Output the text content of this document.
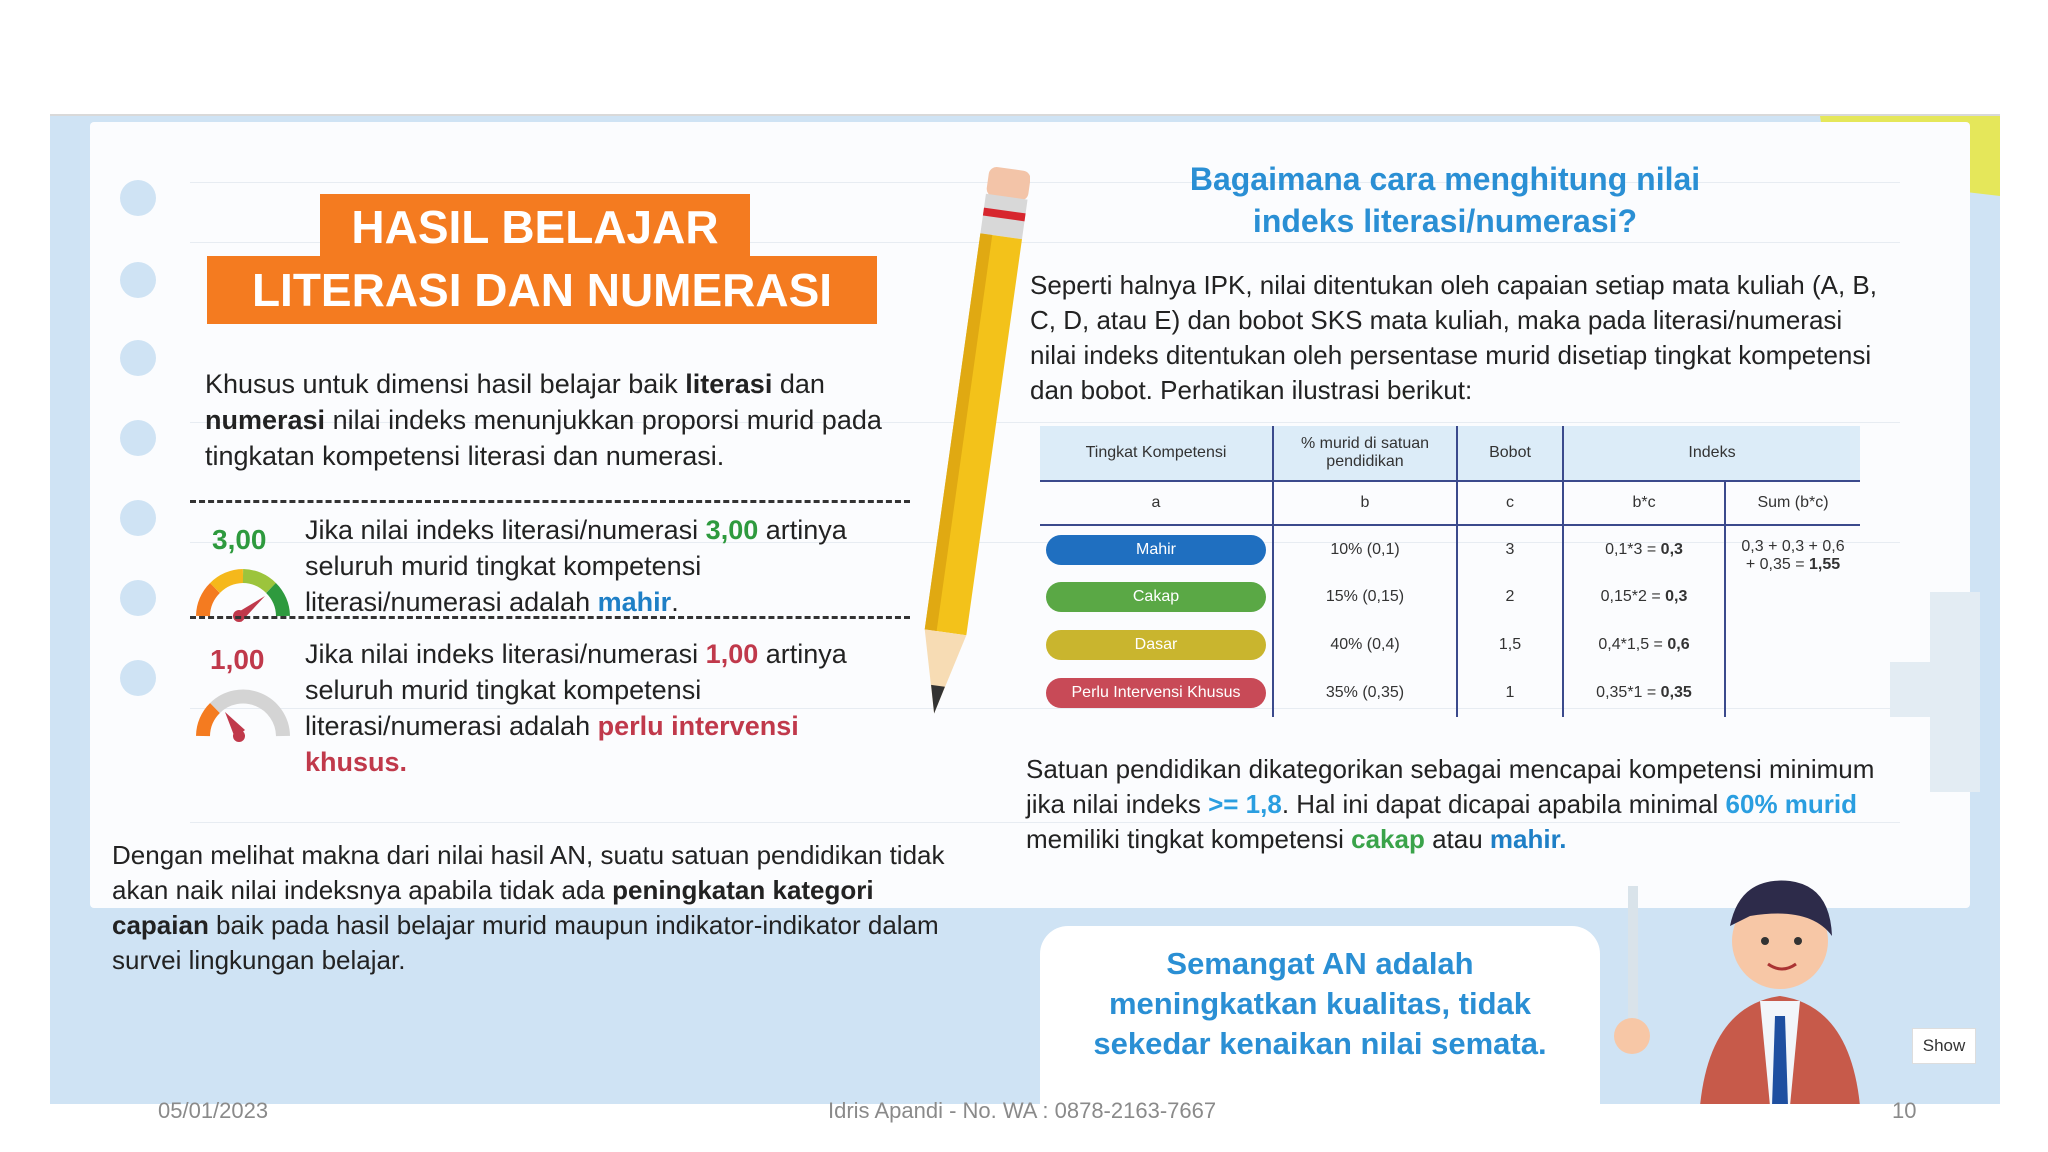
HASIL BELAJAR
LITERASI DAN NUMERASI
Khusus untuk dimensi hasil belajar baik literasi dan numerasi nilai indeks menunjukkan proporsi murid pada tingkatan kompetensi literasi dan numerasi.
3,00 Jika nilai indeks literasi/numerasi 3,00 artinya seluruh murid tingkat kompetensi literasi/numerasi adalah mahir.
1,00 Jika nilai indeks literasi/numerasi 1,00 artinya seluruh murid tingkat kompetensi literasi/numerasi adalah perlu intervensi khusus.
Bagaimana cara menghitung nilai
indeks literasi/numerasi?
Seperti halnya IPK, nilai ditentukan oleh capaian setiap mata kuliah (A, B, C, D, atau E) dan bobot SKS mata kuliah, maka pada literasi/numerasi nilai indeks ditentukan oleh persentase murid disetiap tingkat kompetensi dan bobot. Perhatikan ilustrasi berikut:
Tingkat Kompetensi	% murid di satuan pendidikan	Bobot	Indeks	
a	b	c	b*c	Sum (b*c)
Mahir	10% (0,1)	3	0,1*3 = 0,3	0,3 + 0,3 + 0,6
+ 0,35 = 1,55

Cakap	15% (0,15)	2	0,15*2 = 0,3	
Dasar	40% (0,4)	1,5	0,4*1,5 = 0,6	
Perlu Intervensi Khusus	35% (0,35)	1	0,35*1 = 0,35	
Satuan pendidikan dikategorikan sebagai mencapai kompetensi minimum jika nilai indeks >= 1,8. Hal ini dapat dicapai apabila minimal 60% murid memiliki tingkat kompetensi cakap atau mahir.
Dengan melihat makna dari nilai hasil AN, suatu satuan pendidikan tidak akan naik nilai indeksnya apabila tidak ada peningkatan kategori capaian baik pada hasil belajar murid maupun indikator-indikator dalam survei lingkungan belajar.	Semangat AN adalah meningkatkan kualitas, tidak sekedar kenaikan nilai semata.	Show
05/01/2023	Idris Apandi - No. WA : 0878-2163-7667	10
